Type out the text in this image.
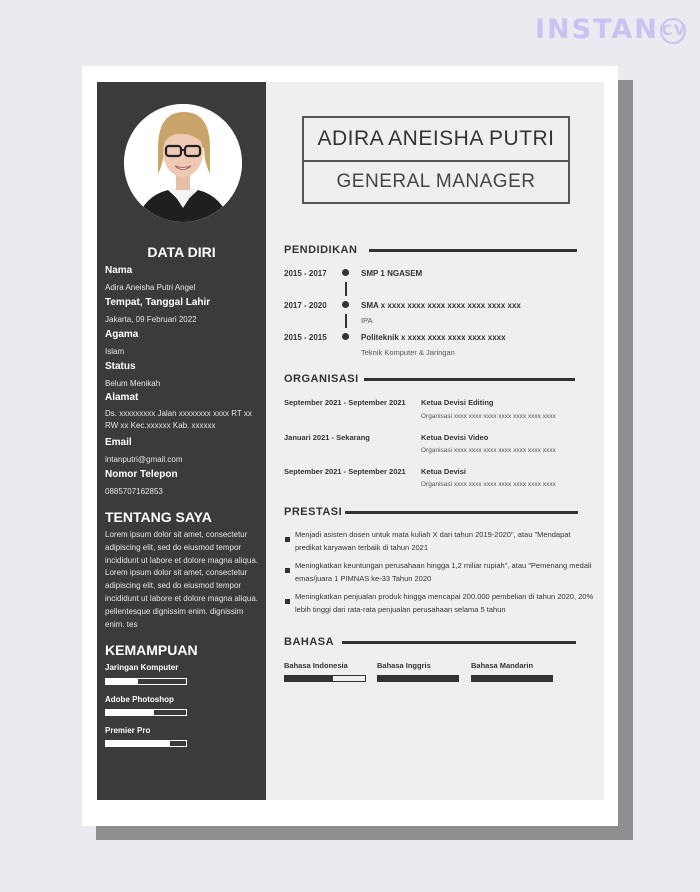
INSTAN CV
DATA DIRI
Nama
Adira Aneisha Putri Angel
Tempat, Tanggal Lahir
Jakarta, 09 Februari 2022
Agama
Islam
Status
Belum Menikah
Alamat
Ds. xxxxxxxxx Jalan xxxxxxxx xxxx RT xx RW xx Kec.xxxxxx Kab. xxxxxx
Email
intanputri@gmail.com
Nomor Telepon
0885707162853
TENTANG SAYA
Lorem ipsum dolor sit amet, consectetur adipiscing elit, sed do eiusmod tempor incididunt ut labore et dolore magna aliqua. Lorem ipsum dolor sit amet, consectetur adipiscing elit, sed do eiusmod tempor incididunt ut labore et dolore magna aliqua. pellentesque dignissim enim. dignissim enim. tes
KEMAMPUAN
Jaringan Komputer
Adobe Photoshop
Premier Pro
ADIRA ANEISHA PUTRI
GENERAL MANAGER
PENDIDIKAN
2015 - 2017	SMP 1 NGASEM
2017 - 2020	SMA x xxxx xxxx xxxx xxxx xxxx xxxx xxx
IPA
2015 - 2015	Politeknik x xxxx xxxx xxxx xxxx xxxx
Teknik Komputer & Jaringan
ORGANISASI
September 2021 - September 2021 Ketua Devisi Editing
Organisasi xxxx xxxx xxxx xxxx xxxx xxxx xxxx
Januari 2021 - Sekarang	Ketua Devisi Video
Organisasi xxxx xxxx xxxx xxxx xxxx xxxx xxxx
September 2021 - September 2021 Ketua Devisi
Organisasi xxxx xxxx xxxx xxxx xxxx xxxx xxxx
PRESTASI
Menjadi asisten dosen untuk mata kuliah X dari tahun 2019-2020", atau "Mendapat predikat karyawan terbaik di tahun 2021
Meningkatkan keuntungan perusahaan hingga 1,2 miliar rupiah", atau "Pemenang medali emas/juara 1 PIMNAS ke-33 Tahun 2020
Meningkatkan penjualan produk hingga mencapai 200.000 pembelian di tahun 2020, 20% lebih tinggi dari rata-rata penjualan perusahaan selama 5 tahun
BAHASA
Bahasa Indonesia	Bahasa Inggris	Bahasa Mandarin
